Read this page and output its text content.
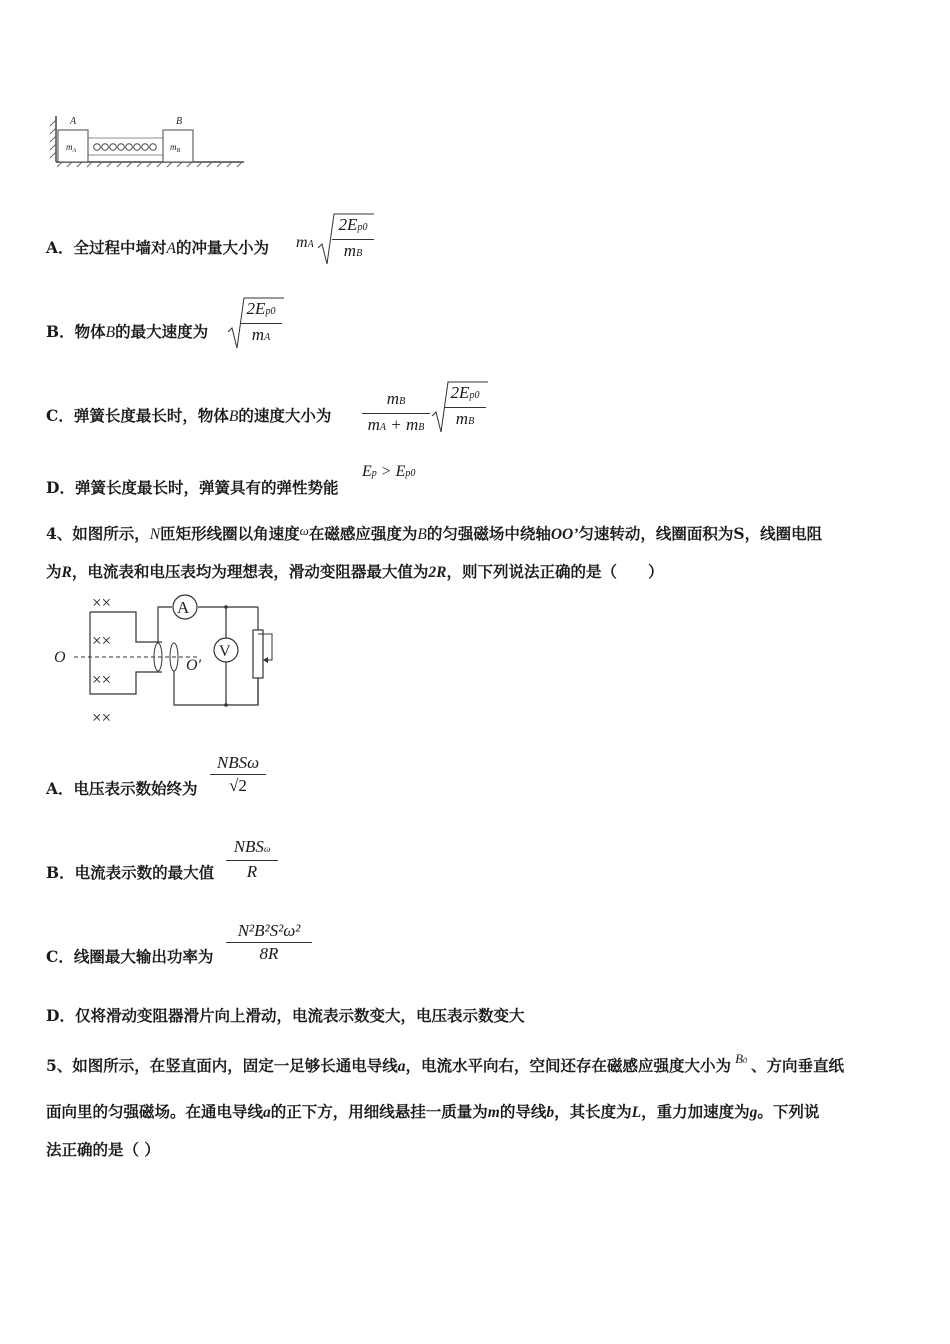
A	B
$m_A$	$m_B$
A．全过程中墙对A的冲量大小为 mA
2Ep0
mB
B．物体B的最大速度为
2Ep0
mA
C．弹簧长度最长时，物体B的速度大小为
mB
mA + mB
2Ep0
mB
D．弹簧长度最长时，弹簧具有的弹性势能
Ep > Ep0
4、如图所示，N匝矩形线圈以角速度$^\omega$在磁感应强度为B的匀强磁场中绕轴OO’匀速转动，线圈面积为S，线圈电阻
为R，电流表和电压表均为理想表，滑动变阻器最大值为2R，则下列说法正确的是（　　）
××
××
××
××
O	O′
A
V
A．电压表示数始终为
NBSω
√2
B．电流表示数的最大值
NBSω
R
C．线圈最大输出功率为
N²B²S²ω²
8R
D．仅将滑动变阻器滑片向上滑动，电流表示数变大，电压表示数变大
5、如图所示，在竖直面内，固定一足够长通电导线a，电流水平向右，空间还存在磁感应强度大小为 $^{B0}$ 、方向垂直纸
面向里的匀强磁场。在通电导线a的正下方，用细线悬挂一质量为m的导线b，其长度为L，重力加速度为g。下列说
法正确的是（ ）
